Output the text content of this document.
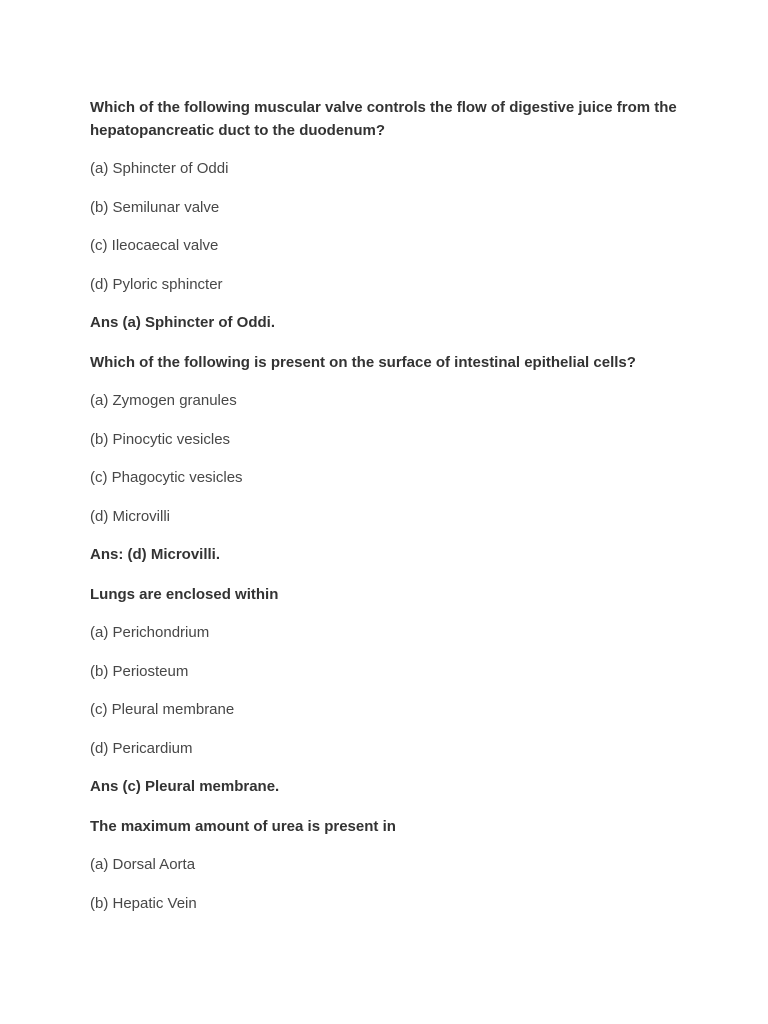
Which of the following muscular valve controls the flow of digestive juice from the hepatopancreatic duct to the duodenum?

(a) Sphincter of Oddi

(b) Semilunar valve

(c) Ileocaecal valve

(d) Pyloric sphincter

Ans (a) Sphincter of Oddi.

Which of the following is present on the surface of intestinal epithelial cells?

(a) Zymogen granules

(b) Pinocytic vesicles

(c) Phagocytic vesicles

(d) Microvilli

Ans: (d) Microvilli.

Lungs are enclosed within

(a) Perichondrium

(b) Periosteum

(c) Pleural membrane

(d) Pericardium

Ans (c) Pleural membrane.

The maximum amount of urea is present in

(a) Dorsal Aorta

(b) Hepatic Vein
